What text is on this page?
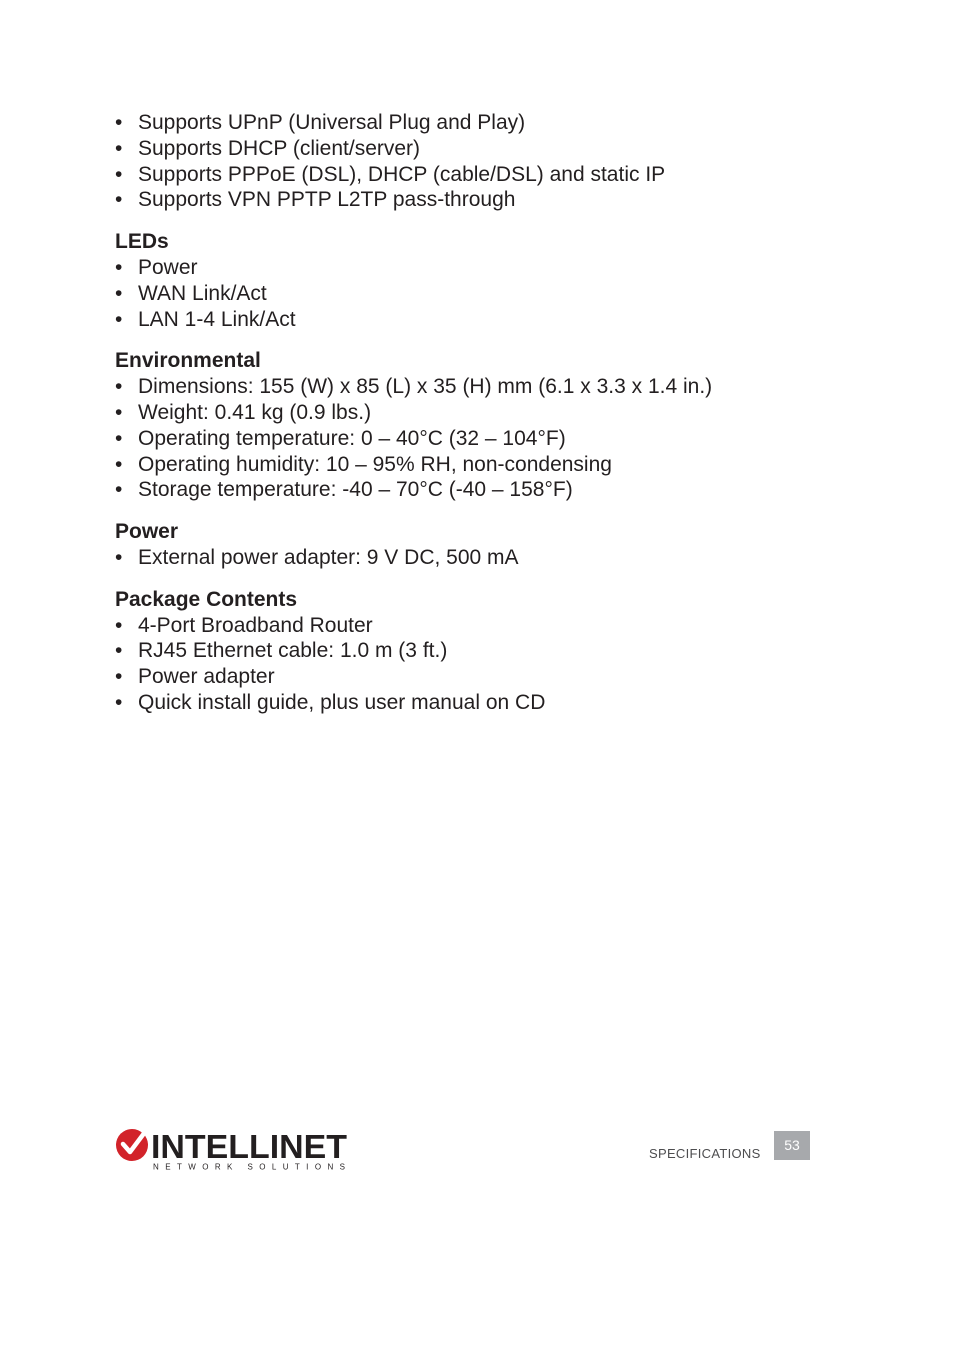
• Supports UPnP (Universal Plug and Play)
• Supports DHCP (client/server)
• Supports PPPoE (DSL), DHCP (cable/DSL) and static IP
• Supports VPN PPTP L2TP pass-through
LEDs
• Power
• WAN Link/Act
• LAN 1-4 Link/Act
Environmental
• Dimensions: 155 (W) x 85 (L) x 35 (H) mm (6.1 x 3.3 x 1.4 in.)
• Weight: 0.41 kg (0.9 lbs.)
• Operating temperature: 0 – 40°C (32 – 104°F)
• Operating humidity: 10 – 95% RH, non-condensing
• Storage temperature: -40 – 70°C (-40 – 158°F)
Power
• External power adapter: 9 V DC, 500 mA
Package Contents
• 4-Port Broadband Router
• RJ45 Ethernet cable: 1.0 m (3 ft.)
• Power adapter
• Quick install guide, plus user manual on CD
INTELLINET
NETWORK SOLUTIONS
SPECIFICATIONS
53
